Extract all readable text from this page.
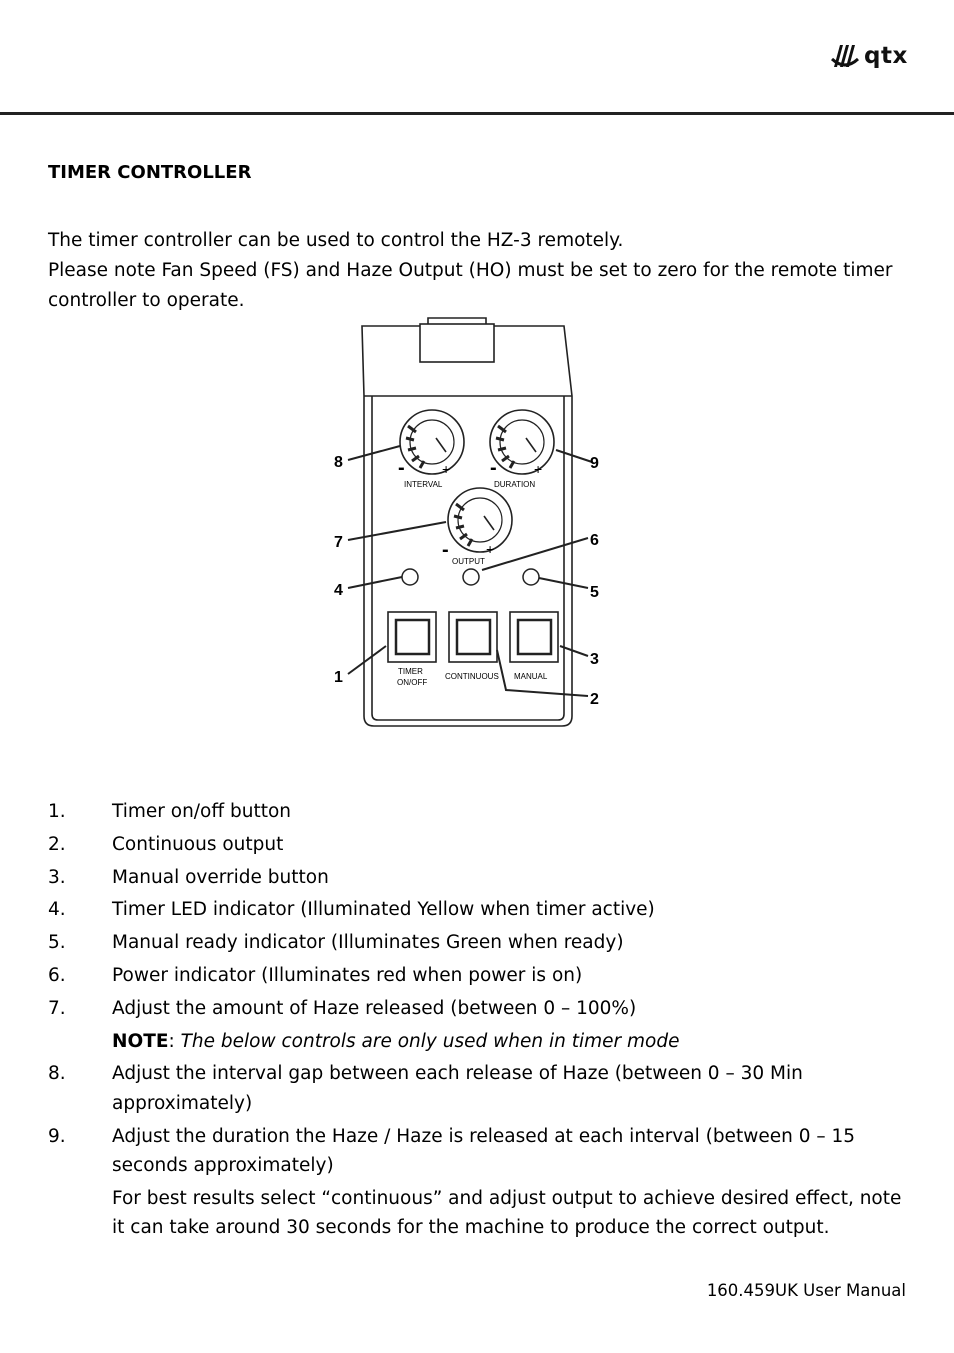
qtx
TIMER CONTROLLER

The timer controller can be used to control the HZ-3 remotely.

Please note Fan Speed (FS) and Haze Output (HO) must be set to zero for the remote timer controller to operate.

-	+
INTERVAL
-	+
DURATION
-	+
OUTPUT
TIMER
ON/OFF
CONTINUOUS MANUAL
1
2
3
4	5
6
7
8	9
1.	Timer on/off button
2.	Continuous output
3.	Manual override button
4.	Timer LED indicator (Illuminated Yellow when timer active)
5.	Manual ready indicator (Illuminates Green when ready)
6.	Power indicator (Illuminates red when power is on)
7.	Adjust the amount of Haze released (between 0 – 100%)
NOTE: The below controls are only used when in timer mode
8.	Adjust the interval gap between each release of Haze (between 0 – 30 Min approximately)
9.	Adjust the duration the Haze / Haze is released at each interval (between 0 – 15 seconds approximately)
For best results select “continuous” and adjust output to achieve desired effect, note it can take around 30 seconds for the machine to produce the correct output.
160.459UK User Manual
